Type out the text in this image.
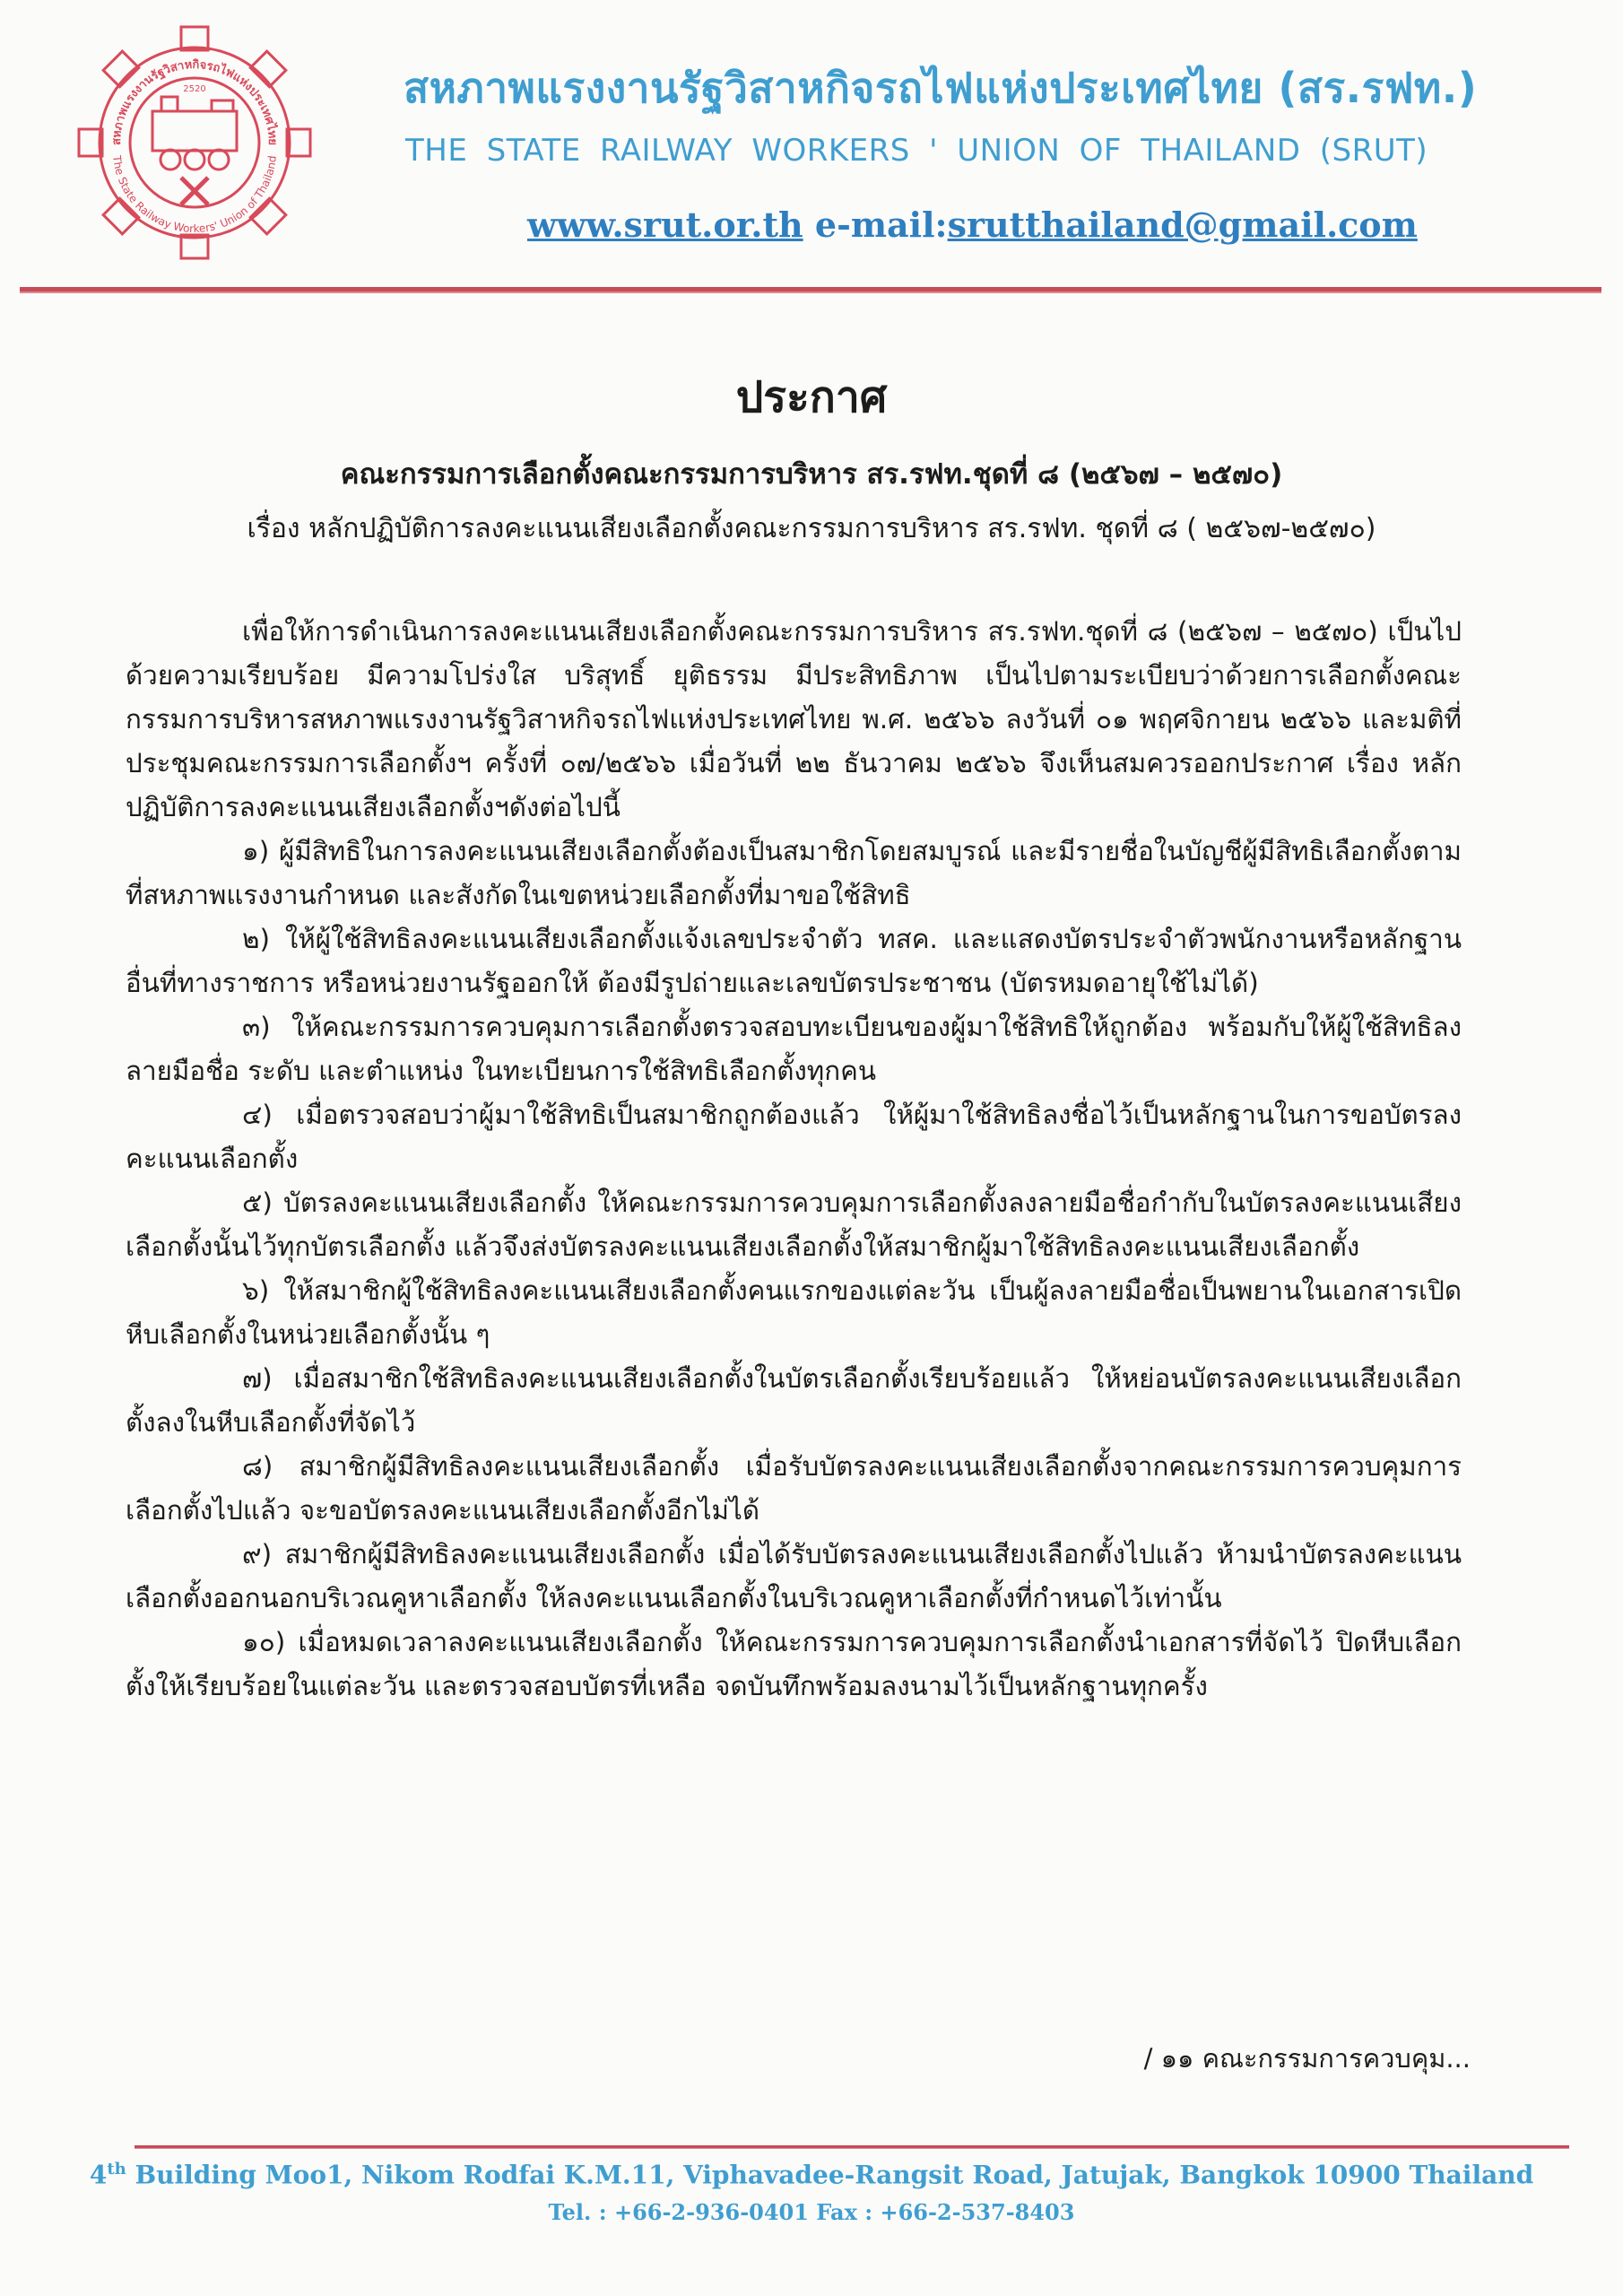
สหภาพแรงงานรัฐวิสาหกิจรถไฟแห่งประเทศไทย
The State Railway Workers' Union of Thailand
2520	สหภาพแรงงานรัฐวิสาหกิจรถไฟแห่งประเทศไทย (สร.รฟท.)
THE STATE RAILWAY WORKERS ' UNION OF THAILAND (SRUT)
www.srut.or.th e-mail:srutthailand@gmail.com
ประกาศ
คณะกรรมการเลือกตั้งคณะกรรมการบริหาร สร.รฟท.ชุดที่ ๘ (๒๕๖๗ – ๒๕๗๐)
เรื่อง หลักปฏิบัติการลงคะแนนเสียงเลือกตั้งคณะกรรมการบริหาร สร.รฟท. ชุดที่ ๘ ( ๒๕๖๗-๒๕๗๐)

เพื่อให้การดำเนินการลงคะแนนเสียงเลือกตั้งคณะกรรมการบริหาร สร.รฟท.ชุดที่ ๘ (๒๕๖๗ – ๒๕๗๐) เป็นไปด้วยความเรียบร้อย มีความโปร่งใส บริสุทธิ์ ยุติธรรม มีประสิทธิภาพ เป็นไปตามระเบียบว่าด้วยการเลือกตั้งคณะกรรมการบริหารสหภาพแรงงานรัฐวิสาหกิจรถไฟแห่งประเทศไทย พ.ศ. ๒๕๖๖ ลงวันที่ ๐๑ พฤศจิกายน ๒๕๖๖ และมติที่ประชุมคณะกรรมการเลือกตั้งฯ ครั้งที่ ๐๗/๒๕๖๖ เมื่อวันที่ ๒๒ ธันวาคม ๒๕๖๖ จึงเห็นสมควรออกประกาศ เรื่อง หลักปฏิบัติการลงคะแนนเสียงเลือกตั้งฯดังต่อไปนี้

๑) ผู้มีสิทธิในการลงคะแนนเสียงเลือกตั้งต้องเป็นสมาชิกโดยสมบูรณ์ และมีรายชื่อในบัญชีผู้มีสิทธิเลือกตั้งตามที่สหภาพแรงงานกำหนด และสังกัดในเขตหน่วยเลือกตั้งที่มาขอใช้สิทธิ

๒) ให้ผู้ใช้สิทธิลงคะแนนเสียงเลือกตั้งแจ้งเลขประจำตัว ทสค. และแสดงบัตรประจำตัวพนักงานหรือหลักฐานอื่นที่ทางราชการ หรือหน่วยงานรัฐออกให้ ต้องมีรูปถ่ายและเลขบัตรประชาชน (บัตรหมดอายุใช้ไม่ได้)

๓) ให้คณะกรรมการควบคุมการเลือกตั้งตรวจสอบทะเบียนของผู้มาใช้สิทธิให้ถูกต้อง พร้อมกับให้ผู้ใช้สิทธิลงลายมือชื่อ ระดับ และตำแหน่ง ในทะเบียนการใช้สิทธิเลือกตั้งทุกคน

๔) เมื่อตรวจสอบว่าผู้มาใช้สิทธิเป็นสมาชิกถูกต้องแล้ว ให้ผู้มาใช้สิทธิลงชื่อไว้เป็นหลักฐานในการขอบัตรลงคะแนนเลือกตั้ง

๕) บัตรลงคะแนนเสียงเลือกตั้ง ให้คณะกรรมการควบคุมการเลือกตั้งลงลายมือชื่อกำกับในบัตรลงคะแนนเสียงเลือกตั้งนั้นไว้ทุกบัตรเลือกตั้ง แล้วจึงส่งบัตรลงคะแนนเสียงเลือกตั้งให้สมาชิกผู้มาใช้สิทธิลงคะแนนเสียงเลือกตั้ง

๖) ให้สมาชิกผู้ใช้สิทธิลงคะแนนเสียงเลือกตั้งคนแรกของแต่ละวัน เป็นผู้ลงลายมือชื่อเป็นพยานในเอกสารเปิดหีบเลือกตั้งในหน่วยเลือกตั้งนั้น ๆ

๗) เมื่อสมาชิกใช้สิทธิลงคะแนนเสียงเลือกตั้งในบัตรเลือกตั้งเรียบร้อยแล้ว ให้หย่อนบัตรลงคะแนนเสียงเลือกตั้งลงในหีบเลือกตั้งที่จัดไว้

๘) สมาชิกผู้มีสิทธิลงคะแนนเสียงเลือกตั้ง เมื่อรับบัตรลงคะแนนเสียงเลือกตั้งจากคณะกรรมการควบคุมการเลือกตั้งไปแล้ว จะขอบัตรลงคะแนนเสียงเลือกตั้งอีกไม่ได้

๙) สมาชิกผู้มีสิทธิลงคะแนนเสียงเลือกตั้ง เมื่อได้รับบัตรลงคะแนนเสียงเลือกตั้งไปแล้ว ห้ามนำบัตรลงคะแนนเลือกตั้งออกนอกบริเวณคูหาเลือกตั้ง ให้ลงคะแนนเลือกตั้งในบริเวณคูหาเลือกตั้งที่กำหนดไว้เท่านั้น

๑๐) เมื่อหมดเวลาลงคะแนนเสียงเลือกตั้ง ให้คณะกรรมการควบคุมการเลือกตั้งนำเอกสารที่จัดไว้ ปิดหีบเลือกตั้งให้เรียบร้อยในแต่ละวัน และตรวจสอบบัตรที่เหลือ จดบันทึกพร้อมลงนามไว้เป็นหลักฐานทุกครั้ง

/ ๑๑ คณะกรรมการควบคุม...
4th Building Moo1, Nikom Rodfai K.M.11, Viphavadee-Rangsit Road, Jatujak, Bangkok 10900 Thailand
Tel. : +66-2-936-0401 Fax : +66-2-537-8403
